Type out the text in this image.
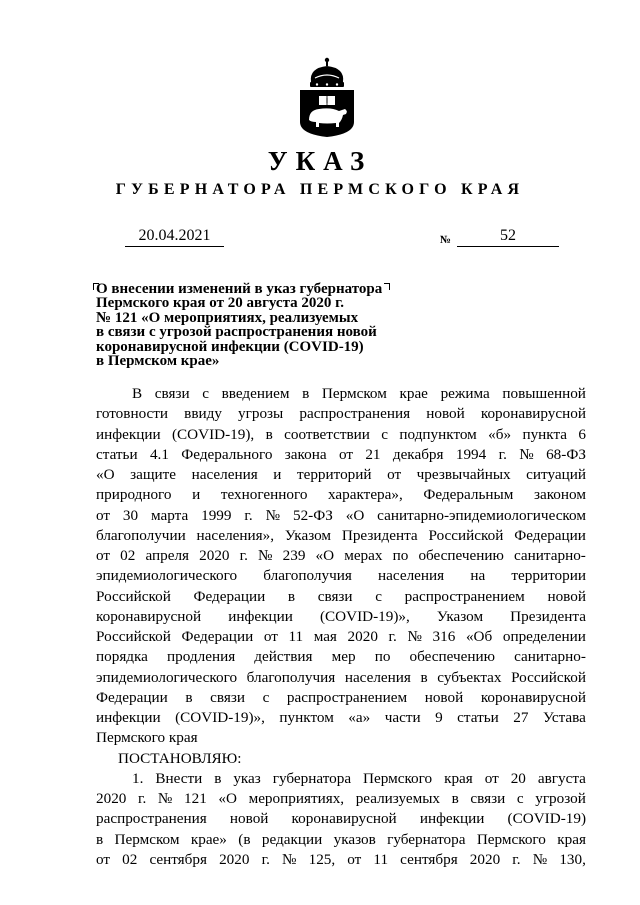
УКАЗ
ГУБЕРНАТОРА ПЕРМСКОГО КРАЯ
20.04.2021	№	52
О внесении изменений в указ губернатора
Пермского края от 20 августа 2020 г.
№ 121 «О мероприятиях, реализуемых
в связи с угрозой распространения новой
коронавирусной инфекции (COVID-19)
в Пермском крае»
В связи с введением в Пермском крае режима повышенной
готовности ввиду угрозы распространения новой коронавирусной
инфекции (COVID-19), в соответствии с подпунктом «б» пункта 6
статьи 4.1 Федерального закона от 21 декабря 1994 г. № 68-ФЗ
«О защите населения и территорий от чрезвычайных ситуаций
природного и техногенного характера», Федеральным законом
от 30 марта 1999 г. № 52-ФЗ «О санитарно-эпидемиологическом
благополучии населения», Указом Президента Российской Федерации
от 02 апреля 2020 г. № 239 «О мерах по обеспечению санитарно-
эпидемиологического благополучия населения на территории
Российской Федерации в связи с распространением новой
коронавирусной инфекции (COVID-19)», Указом Президента
Российской Федерации от 11 мая 2020 г. № 316 «Об определении
порядка продления действия мер по обеспечению санитарно-
эпидемиологического благополучия населения в субъектах Российской
Федерации в связи с распространением новой коронавирусной
инфекции (COVID-19)», пунктом «а» части 9 статьи 27 Устава
Пермского края
ПОСТАНОВЛЯЮ:
1. Внести в указ губернатора Пермского края от 20 августа
2020 г. № 121 «О мероприятиях, реализуемых в связи с угрозой
распространения новой коронавирусной инфекции (COVID-19)
в Пермском крае» (в редакции указов губернатора Пермского края
от 02 сентября 2020 г. № 125, от 11 сентября 2020 г. № 130,
